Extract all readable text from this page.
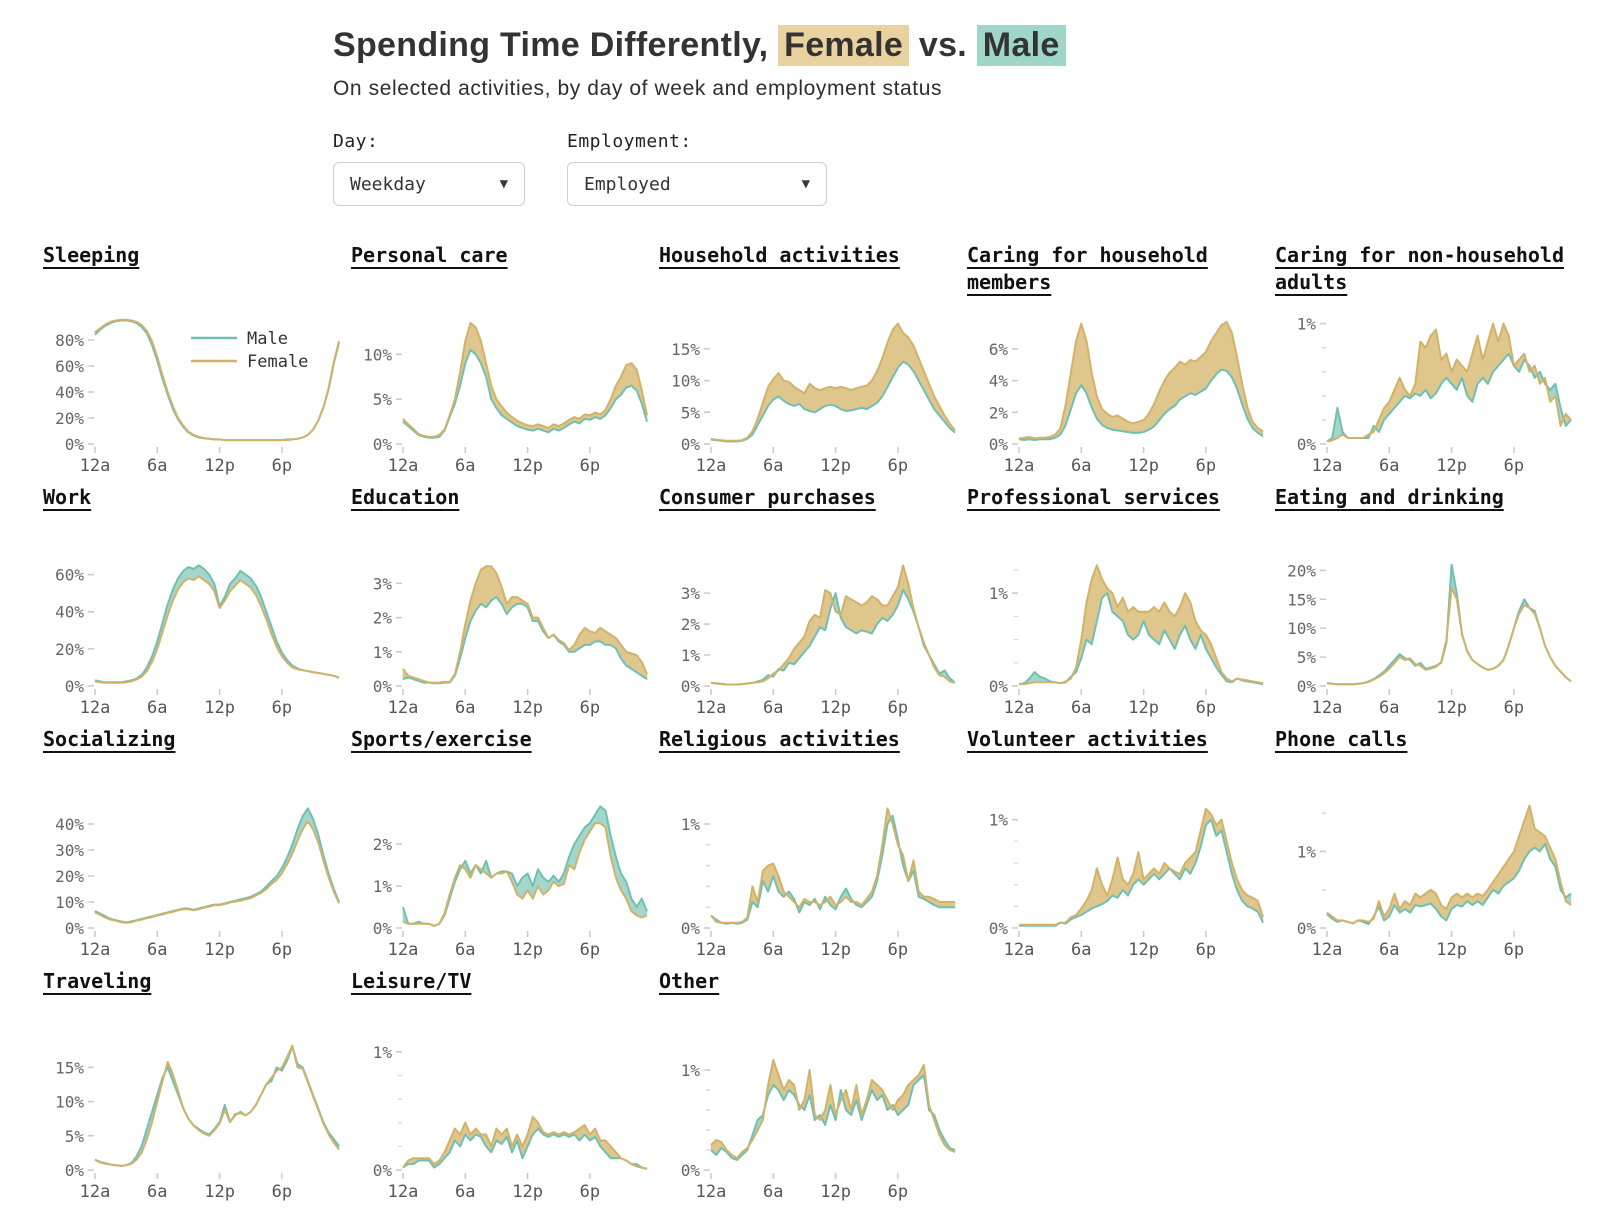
Spending Time Differently, Female vs. Male
On selected activities, by day of week and employment status
Day:
Weekday	▼
Employment:
Employed	▼
Sleeping
0%
20%
40%
60%
80%
12a 6a 12p 6p
Male
Female
Personal care
0%
5%
10%
12a 6a 12p 6p
Household activities
0%
5%
10%
15%
12a 6a 12p 6p
Caring for household members
0%
2%
4%
6%
12a 6a 12p 6p
Caring for non-household adults
0%
1%
12a 6a 12p 6p
Work
0%
20%
40%
60%
12a 6a 12p 6p
Education
0%
1%
2%
3%
12a 6a 12p 6p
Consumer purchases
0%
1%
2%
3%
12a 6a 12p 6p
Professional services
0%
1%
12a 6a 12p 6p
Eating and drinking
0%
5%
10%
15%
20%
12a 6a 12p 6p
Socializing
0%
10%
20%
30%
40%
12a 6a 12p 6p
Sports/exercise
0%
1%
2%
12a 6a 12p 6p
Religious activities
0%
1%
12a 6a 12p 6p
Volunteer activities
0%
1%
12a 6a 12p 6p
Phone calls
0%
1%
12a 6a 12p 6p
Traveling
0%
5%
10%
15%
12a 6a 12p 6p
Leisure/TV
0%
1%
12a 6a 12p 6p
Other
0%
1%
12a 6a 12p 6p
